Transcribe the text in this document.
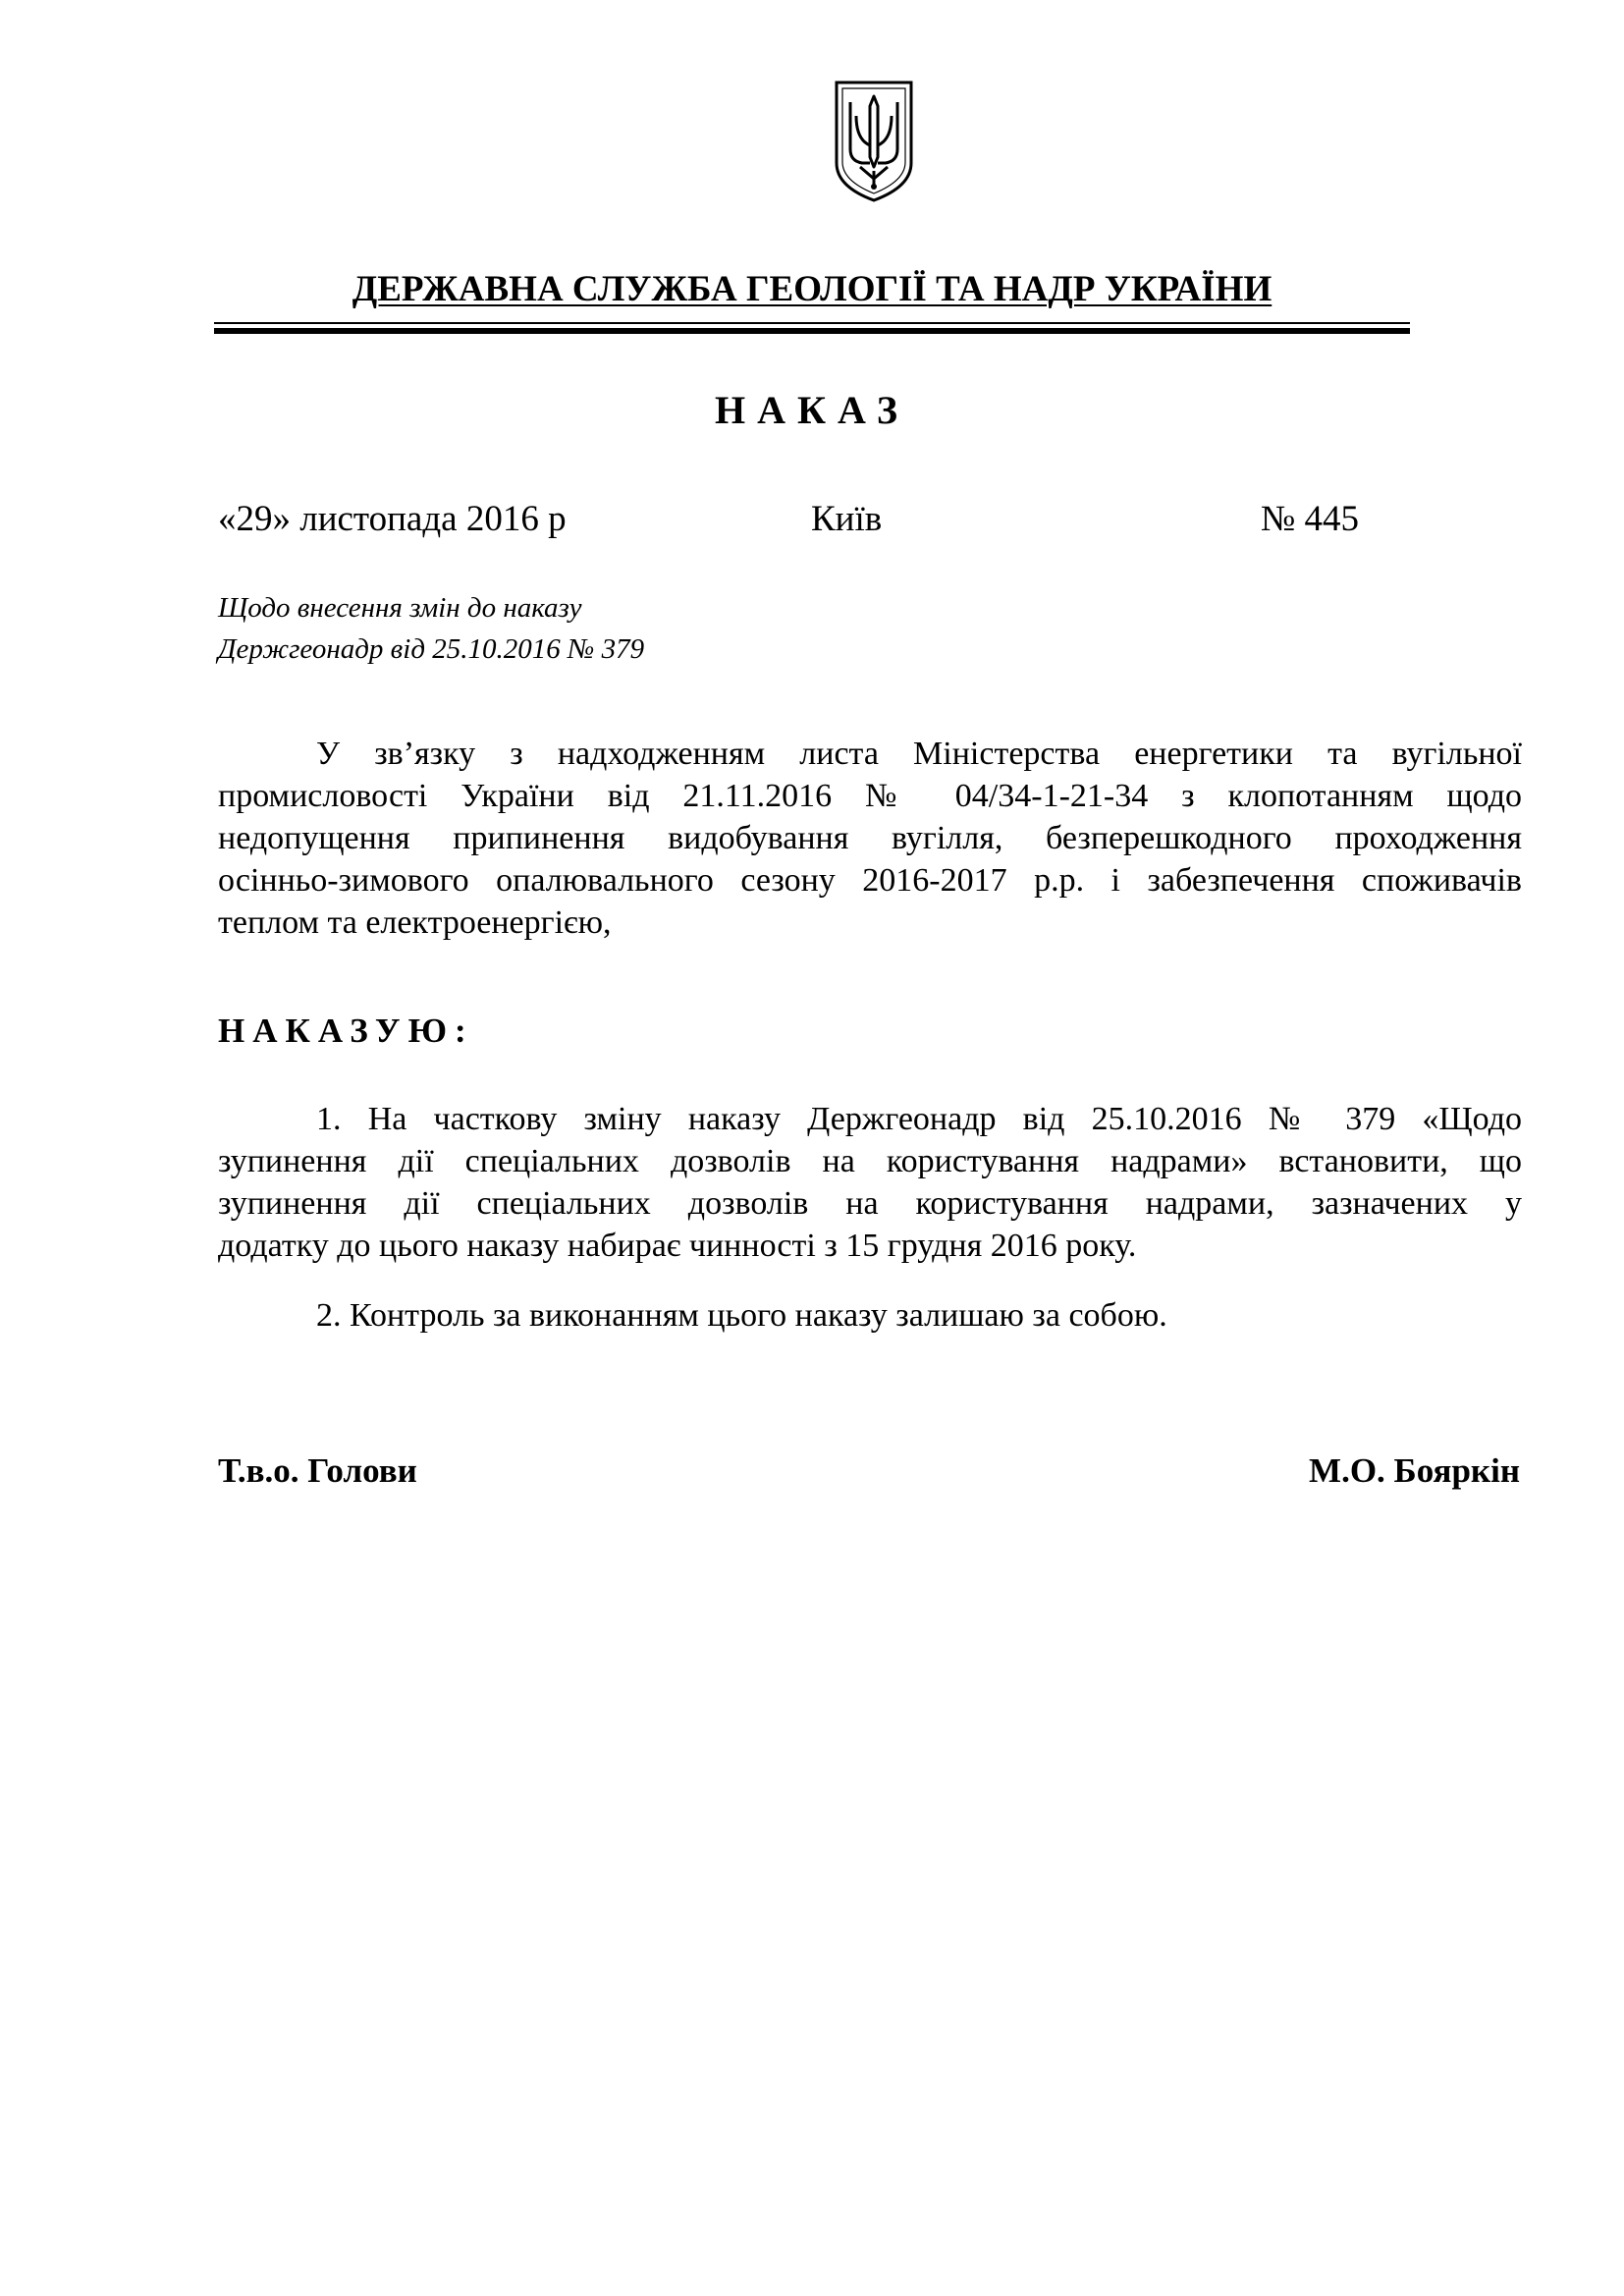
ДЕРЖАВНА СЛУЖБА ГЕОЛОГІЇ ТА НАДР УКРАЇНИ
НАКАЗ
«29» листопада 2016 р	Київ	№ 445
Щодо внесення змін до наказу
Держгеонадр від 25.10.2016 № 379
У зв’язку з надходженням листа Міністерства енергетики та вугільної
промисловості України від 21.11.2016 № 04/34-1-21-34 з клопотанням щодо
недопущення припинення видобування вугілля, безперешкодного проходження
осінньо-зимового опалювального сезону 2016-2017 р.р. і забезпечення споживачів
теплом та електроенергією,
НАКАЗУЮ:
1. На часткову зміну наказу Держгеонадр від 25.10.2016 № 379 «Щодо
зупинення дії спеціальних дозволів на користування надрами» встановити, що
зупинення дії спеціальних дозволів на користування надрами, зазначених у
додатку до цього наказу набирає чинності з 15 грудня 2016 року.
2. Контроль за виконанням цього наказу залишаю за собою.
Т.в.о. Голови	М.О. Бояркін
